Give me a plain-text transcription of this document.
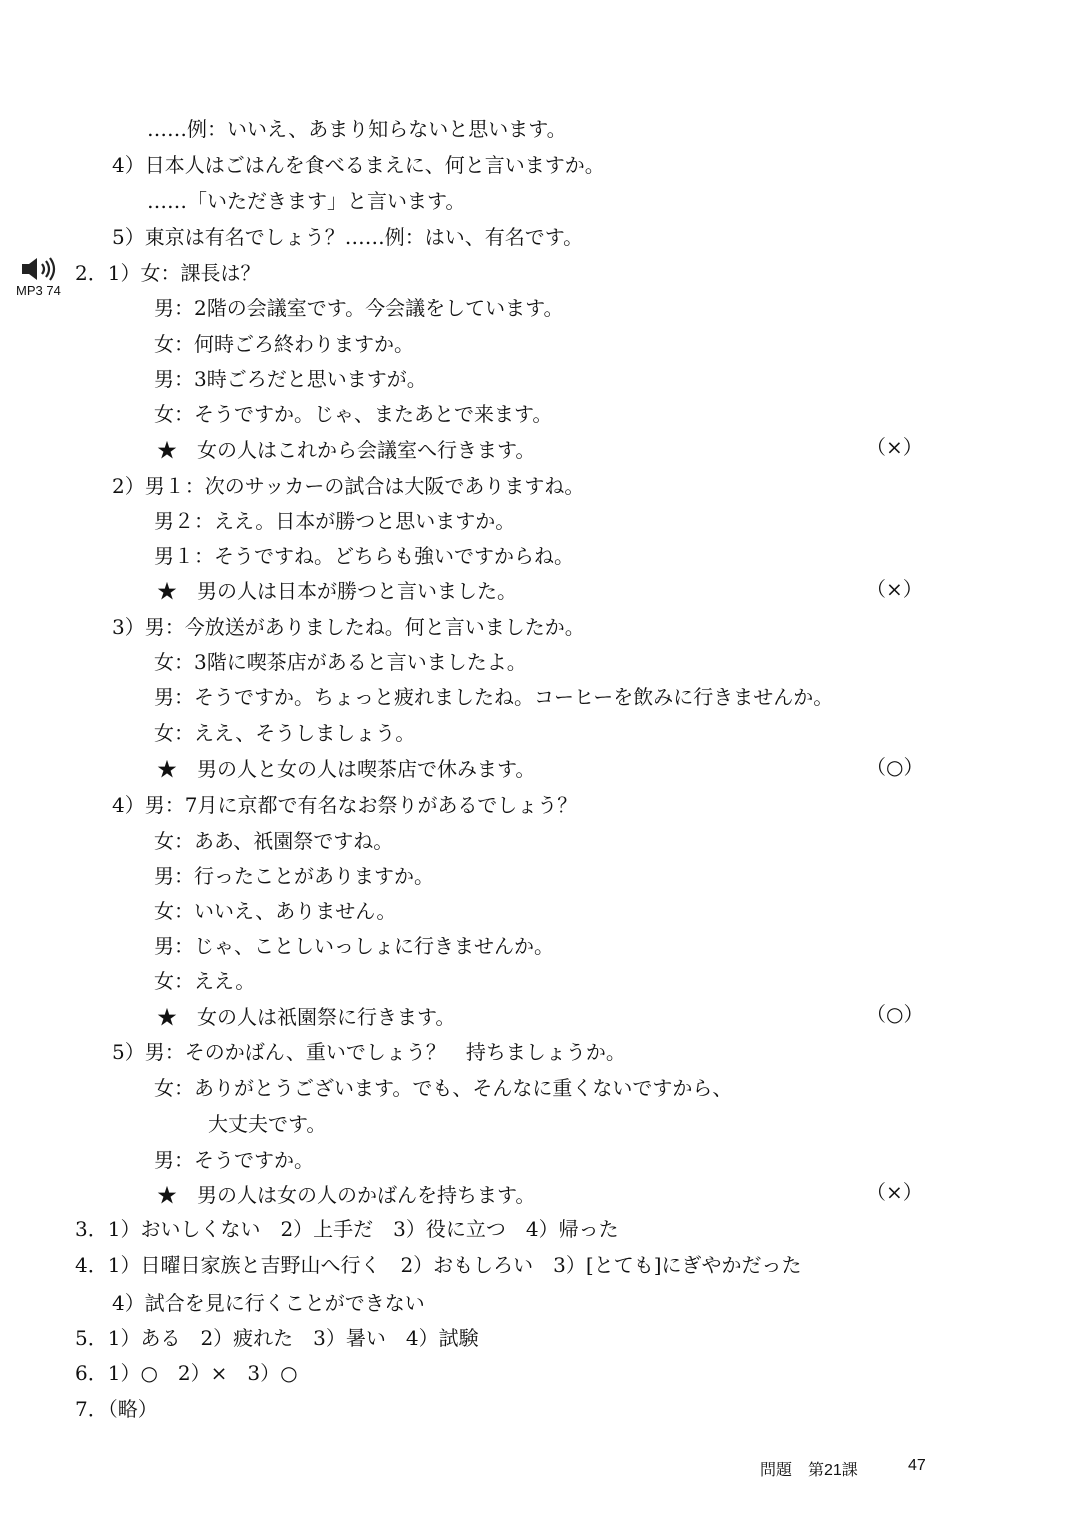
MP3 74
……例：いいえ、あまり知らないと思います。
4）日本人はごはんを食べるまえに、何と言いますか。
……「いただきます」と言います。
5）東京は有名でしょう？……例：はい、有名です。
2．1）女：課長は？
男：2階の会議室です。今会議をしています。
女：何時ごろ終わりますか。
男：3時ごろだと思いますが。
女：そうですか。じゃ、またあとで来ます。
★　女の人はこれから会議室へ行きます。	（×）
2）男１：次のサッカーの試合は大阪でありますね。
男２：ええ。日本が勝つと思いますか。
男１：そうですね。どちらも強いですからね。
★　男の人は日本が勝つと言いました。	（×）
3）男：今放送がありましたね。何と言いましたか。
女：3階に喫茶店があると言いましたよ。
男：そうですか。ちょっと疲れましたね。コーヒーを飲みに行きませんか。
女：ええ、そうしましょう。
★　男の人と女の人は喫茶店で休みます。	（○）
4）男：7月に京都で有名なお祭りがあるでしょう？
女：ああ、祇園祭ですね。
男：行ったことがありますか。
女：いいえ、ありません。
男：じゃ、ことしいっしょに行きませんか。
女：ええ。
★　女の人は祇園祭に行きます。	（○）
5）男：そのかばん、重いでしょう？　持ちましょうか。
女：ありがとうございます。でも、そんなに重くないですから、
大丈夫です。
男：そうですか。
★　男の人は女の人のかばんを持ちます。	（×）
3．1）おいしくない　2）上手だ　3）役に立つ　4）帰った
4．1）日曜日家族と吉野山へ行く　2）おもしろい　3）[とても]にぎやかだった
4）試合を見に行くことができない
5．1）ある　2）疲れた　3）暑い　4）試験
6．1）○　2）×　3）○
7．（略）
問題　第21課	47
